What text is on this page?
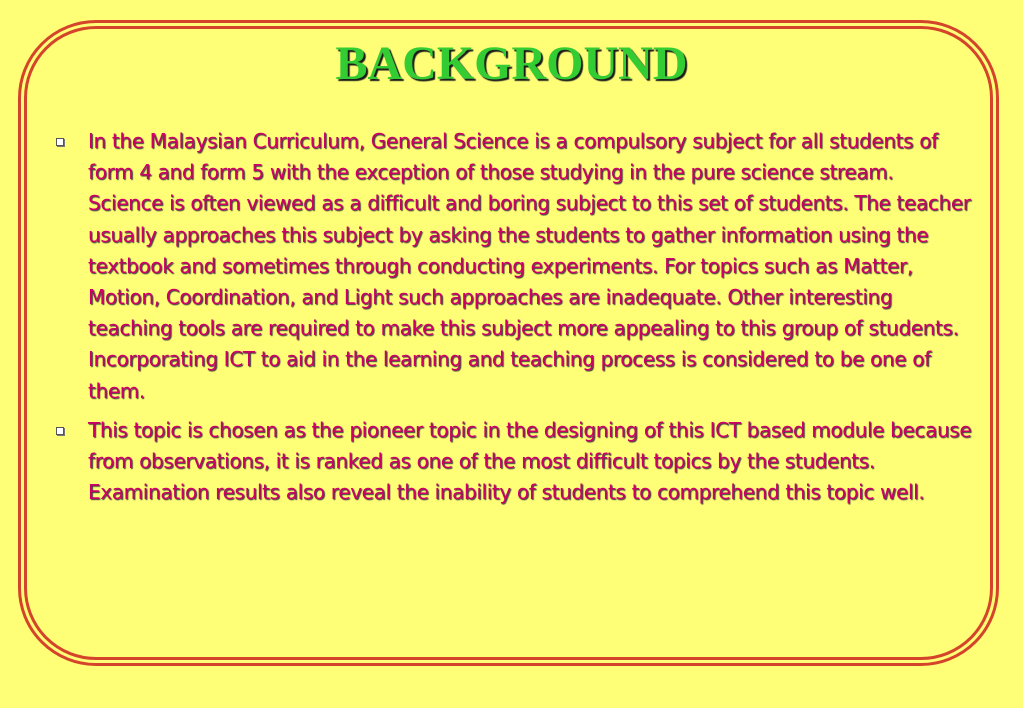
BACKGROUND
In the Malaysian Curriculum, General Science is a compulsory subject for all students of form 4 and form 5 with the exception of those studying in the pure science stream. Science is often viewed as a difficult and boring subject to this set of students. The teacher usually approaches this subject by asking the students to gather information using the textbook and sometimes through conducting experiments. For topics such as Matter, Motion, Coordination, and Light such approaches are inadequate. Other interesting teaching tools are required to make this subject more appealing to this group of students. Incorporating ICT to aid in the learning and teaching process is considered to be one of them.
This topic is chosen as the pioneer topic in the designing of this ICT based module because from observations, it is ranked as one of the most difficult topics by the students. Examination results also reveal the inability of students to comprehend this topic well.
